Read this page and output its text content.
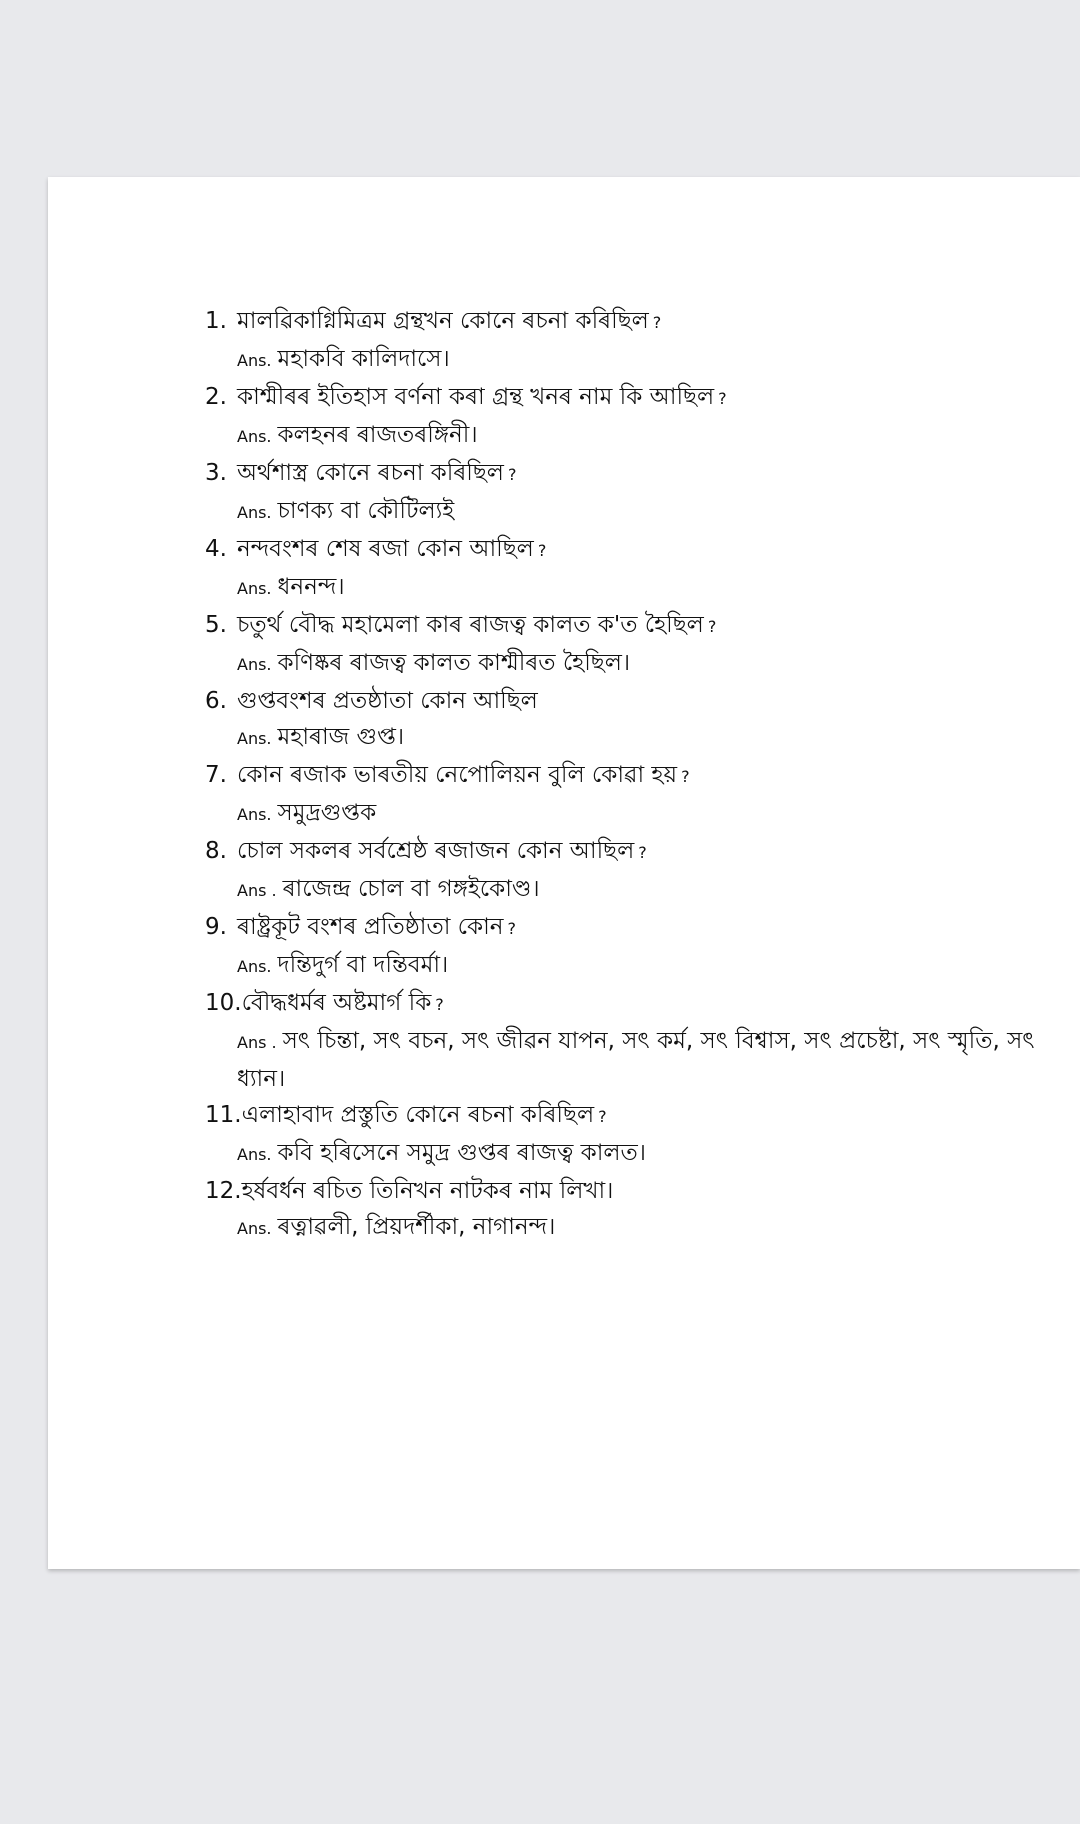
1. মালৱিকাগ্নিমিত্ৰম গ্ৰন্থখন কোনে ৰচনা কৰিছিল ?
Ans. মহাকবি কালিদাসে।
2. কাশ্মীৰৰ ইতিহাস বৰ্ণনা কৰা গ্ৰন্থ খনৰ নাম কি আছিল ?
Ans. কলহনৰ ৰাজতৰঙ্গিনী।
3. অৰ্থশাস্ত্ৰ কোনে ৰচনা কৰিছিল ?
Ans. চাণক্য বা কৌটিল্যই
4. নন্দবংশৰ শেষ ৰজা কোন আছিল ?
Ans. ধননন্দ।
5. চতুৰ্থ বৌদ্ধ মহামেলা কাৰ ৰাজত্ব কালত ক'ত হৈছিল ?
Ans. কণিষ্কৰ ৰাজত্ব কালত কাশ্মীৰত হৈছিল।
6. গুপ্তবংশৰ প্ৰতষ্ঠাতা কোন আছিল
Ans. মহাৰাজ গুপ্ত।
7. কোন ৰজাক ভাৰতীয় নেপোলিয়ন বুলি কোৱা হয় ?
Ans. সমুদ্ৰগুপ্তক
8. চোল সকলৰ সৰ্বশ্ৰেষ্ঠ ৰজাজন কোন আছিল ?
Ans . ৰাজেন্দ্ৰ চোল বা গঙ্গইকোণ্ড।
9. ৰাষ্ট্ৰকূট বংশৰ প্ৰতিষ্ঠাতা কোন ?
Ans. দন্তিদুৰ্গ বা দন্তিবৰ্মা।
10. বৌদ্ধধৰ্মৰ অষ্টমাৰ্গ কি ?
Ans . সৎ চিন্তা, সৎ বচন, সৎ জীৱন যাপন, সৎ কৰ্ম, সৎ বিশ্বাস, সৎ প্ৰচেষ্টা, সৎ স্মৃতি, সৎ ধ্যান।
11. এলাহাবাদ প্ৰস্তুতি কোনে ৰচনা কৰিছিল ?
Ans. কবি হৰিসেনে সমুদ্ৰ গুপ্তৰ ৰাজত্ব কালত।
12. হৰ্ষবৰ্ধন ৰচিত তিনিখন নাটকৰ নাম লিখা।
Ans. ৰত্নাৱলী, প্ৰিয়দৰ্শীকা, নাগানন্দ।
